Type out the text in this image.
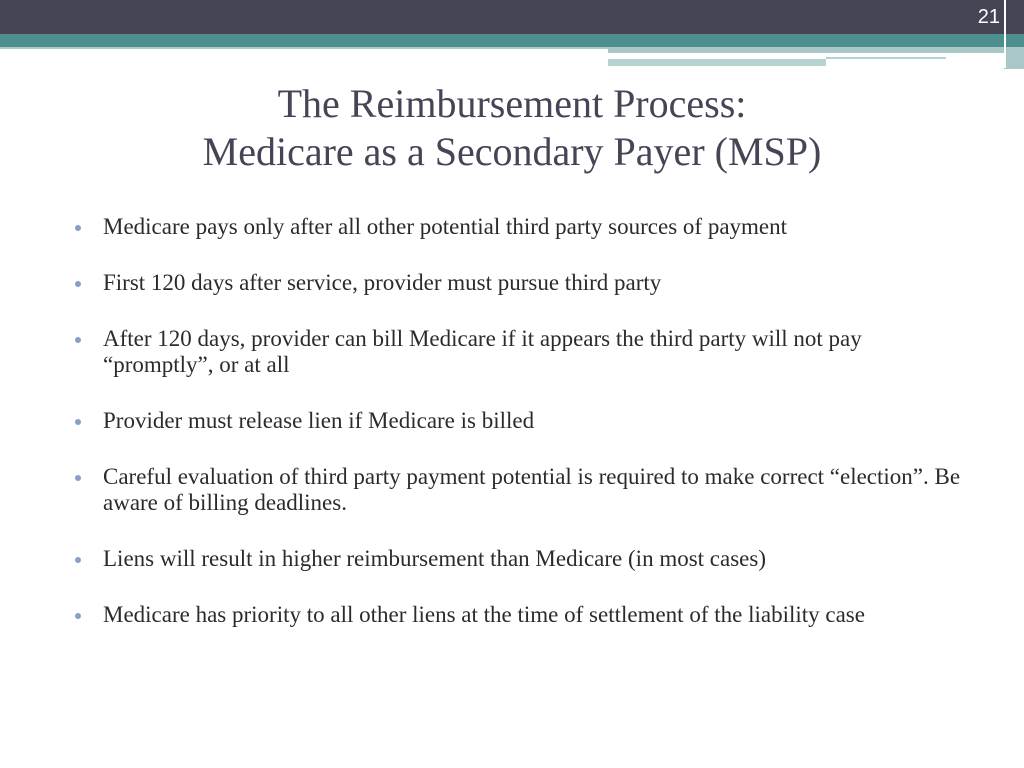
21
The Reimbursement Process:
Medicare as a Secondary Payer (MSP)
Medicare pays only after all other potential third party sources of payment
First 120 days after service, provider must pursue third party
After 120 days, provider can bill Medicare if it appears the third party will not pay “promptly”, or at all
Provider must release lien if Medicare is billed
Careful evaluation of third party payment potential is required to make correct “election”. Be aware of billing deadlines.
Liens will result in higher reimbursement than Medicare (in most cases)
Medicare has priority to all other liens at the time of settlement of the liability case
